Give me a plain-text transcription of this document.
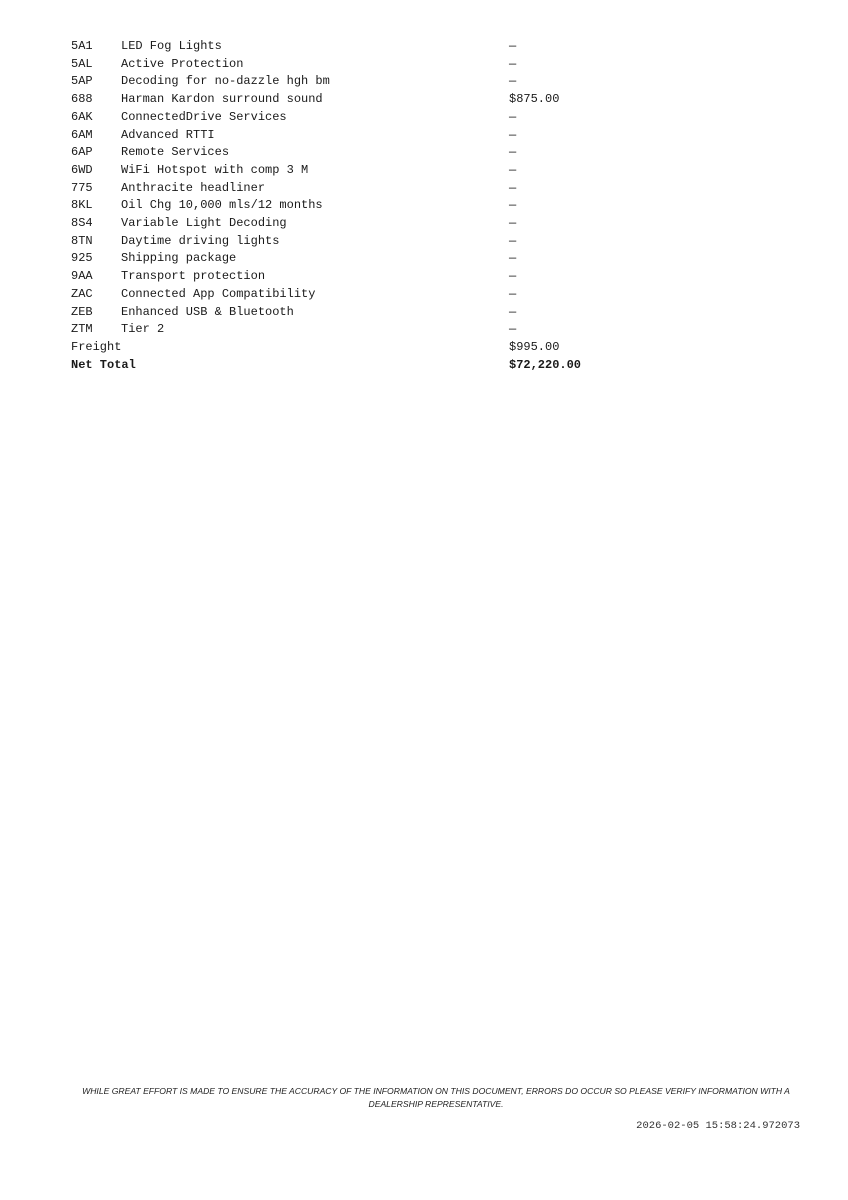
5A1	LED Fog Lights	—
5AL	Active Protection	—
5AP	Decoding for no-dazzle hgh bm	—
688	Harman Kardon surround sound	$875.00
6AK	ConnectedDrive Services	—
6AM	Advanced RTTI	—
6AP	Remote Services	—
6WD	WiFi Hotspot with comp 3 M	—
775	Anthracite headliner	—
8KL	Oil Chg 10,000 mls/12 months	—
8S4	Variable Light Decoding	—
8TN	Daytime driving lights	—
925	Shipping package	—
9AA	Transport protection	—
ZAC	Connected App Compatibility	—
ZEB	Enhanced USB & Bluetooth	—
ZTM	Tier 2	—
Freight		$995.00
Net Total		$72,220.00
WHILE GREAT EFFORT IS MADE TO ENSURE THE ACCURACY OF THE INFORMATION ON THIS DOCUMENT, ERRORS DO OCCUR SO PLEASE VERIFY INFORMATION WITH A DEALERSHIP REPRESENTATIVE.
2026-02-05 15:58:24.972073
